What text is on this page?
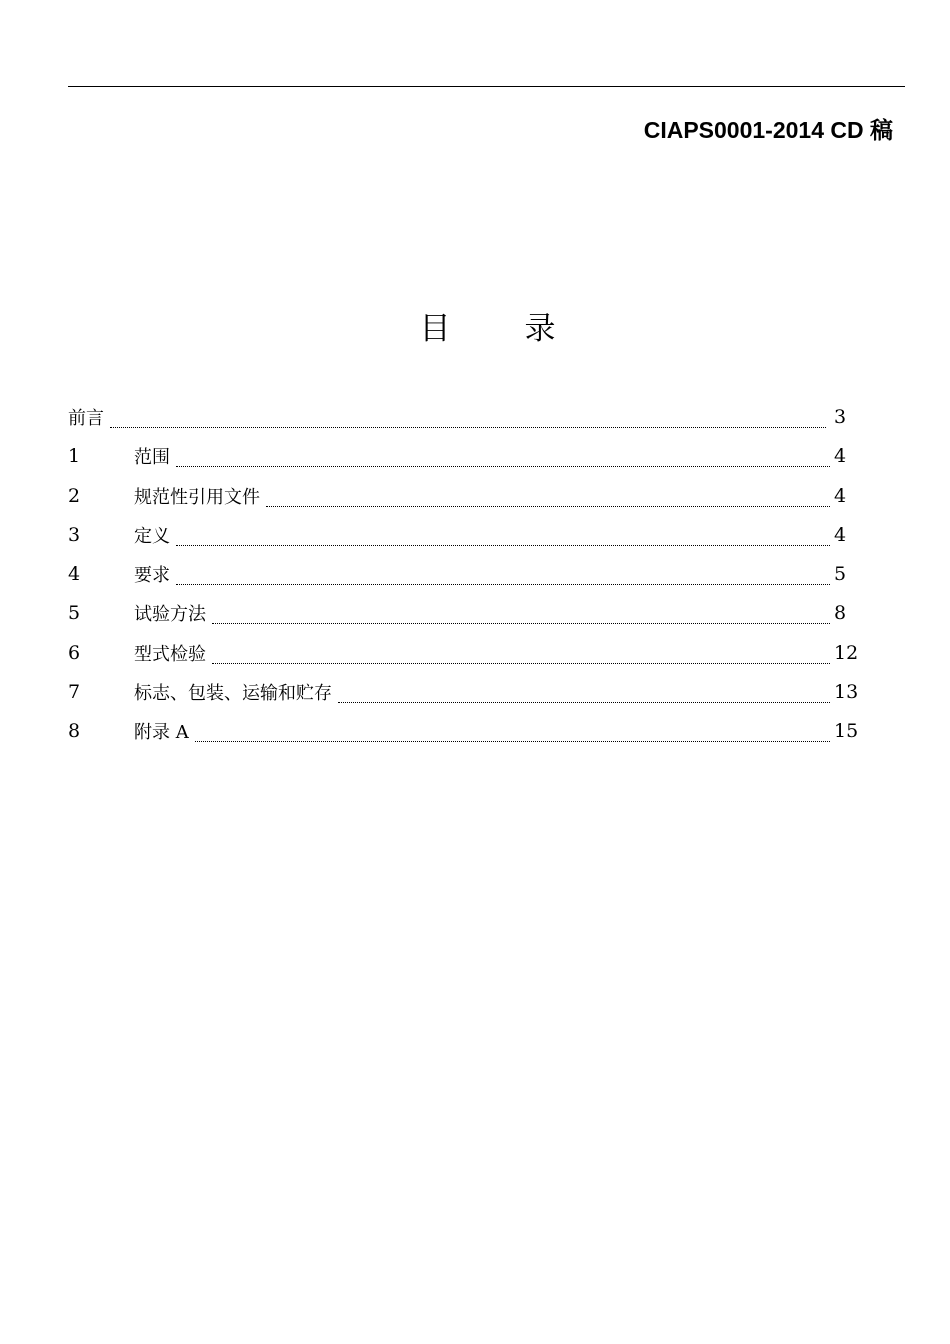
CIAPS0001-2014 CD 稿
目 录
前言	3
1	范围	4
2	规范性引用文件	4
3	定义	4
4	要求	5
5	试验方法	8
6	型式检验	12
7	标志、包装、运输和贮存	13
8	附录 A	15
